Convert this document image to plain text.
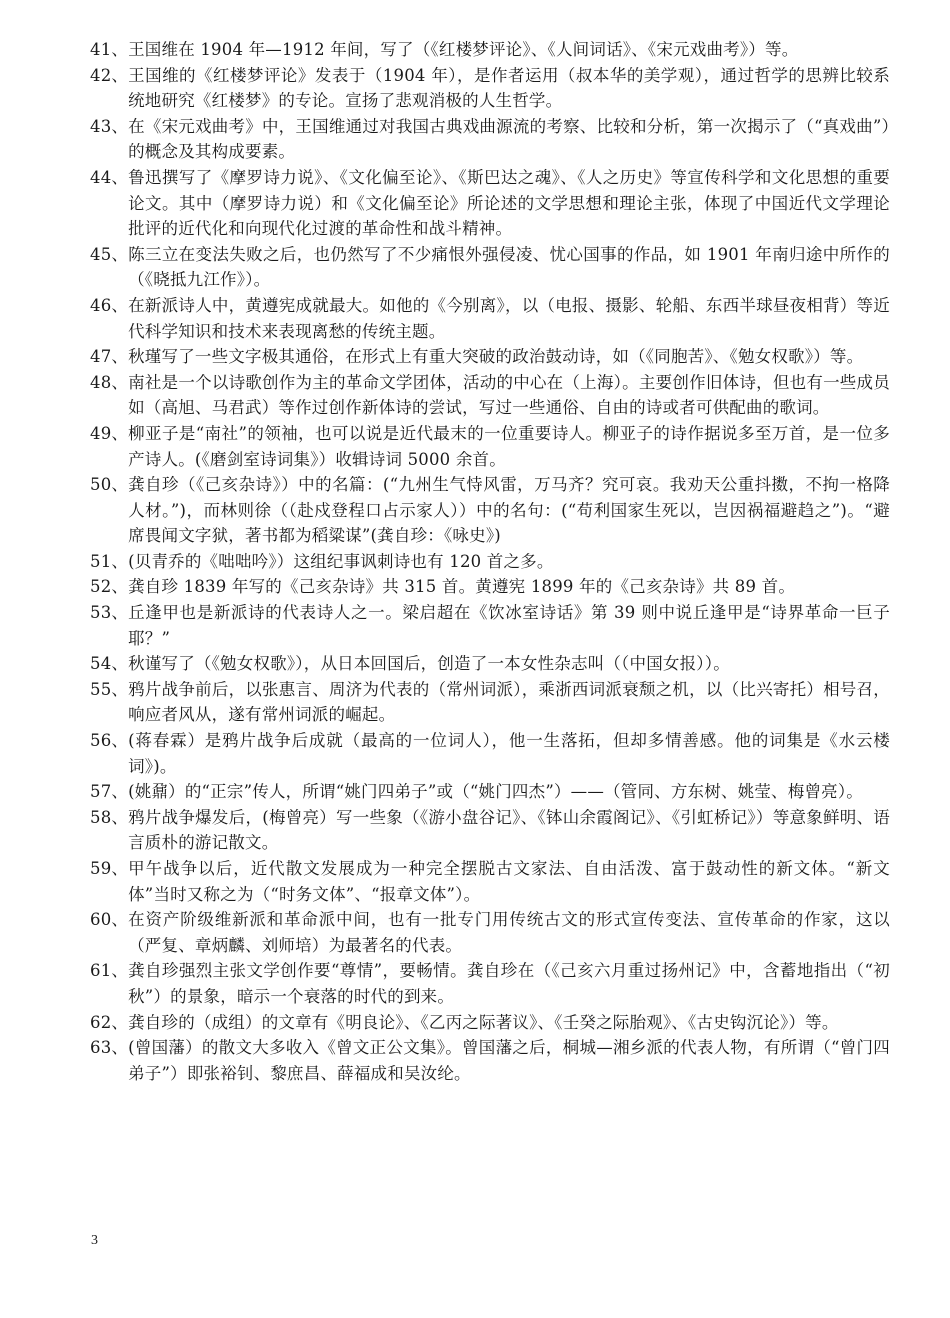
41、 王国维在 1904 年—1912 年间，写了（《红楼梦评论》、《人间词话》、《宋元戏曲考》）等。
42、 王国维的《红楼梦评论》发表于（1904 年），是作者运用（叔本华的美学观），通过哲学的思辨比较系统地研究《红楼梦》的专论。宣扬了悲观消极的人生哲学。
43、 在《宋元戏曲考》中，王国维通过对我国古典戏曲源流的考察、比较和分析，第一次揭示了（“真戏曲”）的概念及其构成要素。
44、 鲁迅撰写了《摩罗诗力说》、《文化偏至论》、《斯巴达之魂》、《人之历史》等宣传科学和文化思想的重要论文。其中（摩罗诗力说）和《文化偏至论》所论述的文学思想和理论主张，体现了中国近代文学理论批评的近代化和向现代化过渡的革命性和战斗精神。
45、 陈三立在变法失败之后，也仍然写了不少痛恨外强侵凌、忧心国事的作品，如 1901 年南归途中所作的（《晓抵九江作》）。
46、 在新派诗人中，黄遵宪成就最大。如他的《今别离》，以（电报、摄影、轮船、东西半球昼夜相背）等近代科学知识和技术来表现离愁的传统主题。
47、 秋瑾写了一些文字极其通俗，在形式上有重大突破的政治鼓动诗，如（《同胞苦》、《勉女权歌》）等。
48、 南社是一个以诗歌创作为主的革命文学团体，活动的中心在（上海）。主要创作旧体诗，但也有一些成员如（高旭、马君武）等作过创作新体诗的尝试，写过一些通俗、自由的诗或者可供配曲的歌词。
49、 柳亚子是“南社”的领袖，也可以说是近代最末的一位重要诗人。柳亚子的诗作据说多至万首，是一位多产诗人。(《磨剑室诗词集》）收辑诗词 5000 余首。
50、 龚自珍（《己亥杂诗》）中的名篇：(“九州生气恃风雷，万马齐？究可哀。我劝天公重抖擞，不拘一格降人材。”)，而林则徐（（赴戍登程口占示家人））中的名句：(“苟利国家生死以，岂因祸福避趋之”)。“避席畏闻文字狱，著书都为稻粱谋”(龚自珍：《咏史》)
51、 (贝青乔的《咄咄吟》）这组纪事讽刺诗也有 120 首之多。
52、 龚自珍 1839 年写的《己亥杂诗》共 315 首。黄遵宪 1899 年的《己亥杂诗》共 89 首。
53、 丘逢甲也是新派诗的代表诗人之一。梁启超在《饮冰室诗话》第 39 则中说丘逢甲是“诗界革命一巨子耶？”
54、 秋谨写了（《勉女权歌》），从日本回国后，创造了一本女性杂志叫（（中国女报））。
55、 鸦片战争前后，以张惠言、周济为代表的（常州词派），乘浙西词派衰颓之机，以（比兴寄托）相号召，响应者风从，遂有常州词派的崛起。
56、 (蒋春霖）是鸦片战争后成就（最高的一位词人），他一生落拓，但却多情善感。他的词集是《水云楼词》)。
57、 (姚鼐）的“正宗”传人，所谓“姚门四弟子”或（“姚门四杰”）——（管同、方东树、姚莹、梅曾亮）。
58、 鸦片战争爆发后，(梅曾亮）写一些象（《游小盘谷记》、《钵山余霞阁记》、《引虹桥记》）等意象鲜明、语言质朴的游记散文。
59、 甲午战争以后，近代散文发展成为一种完全摆脱古文家法、自由活泼、富于鼓动性的新文体。“新文体”当时又称之为（“时务文体”、“报章文体”）。
60、 在资产阶级维新派和革命派中间，也有一批专门用传统古文的形式宣传变法、宣传革命的作家，这以（严复、章炳麟、刘师培）为最著名的代表。
61、 龚自珍强烈主张文学创作要“尊情”，要畅情。龚自珍在（《己亥六月重过扬州记》中，含蓄地指出（“初秋”）的景象，暗示一个衰落的时代的到来。
62、 龚自珍的（成组）的文章有《明良论》、《乙丙之际著议》、《壬癸之际胎观》、《古史钩沉论》）等。
63、 (曾国藩）的散文大多收入《曾文正公文集》。曾国藩之后，桐城—湘乡派的代表人物，有所谓（“曾门四弟子”）即张裕钊、黎庶昌、薛福成和吴汝纶。
3
